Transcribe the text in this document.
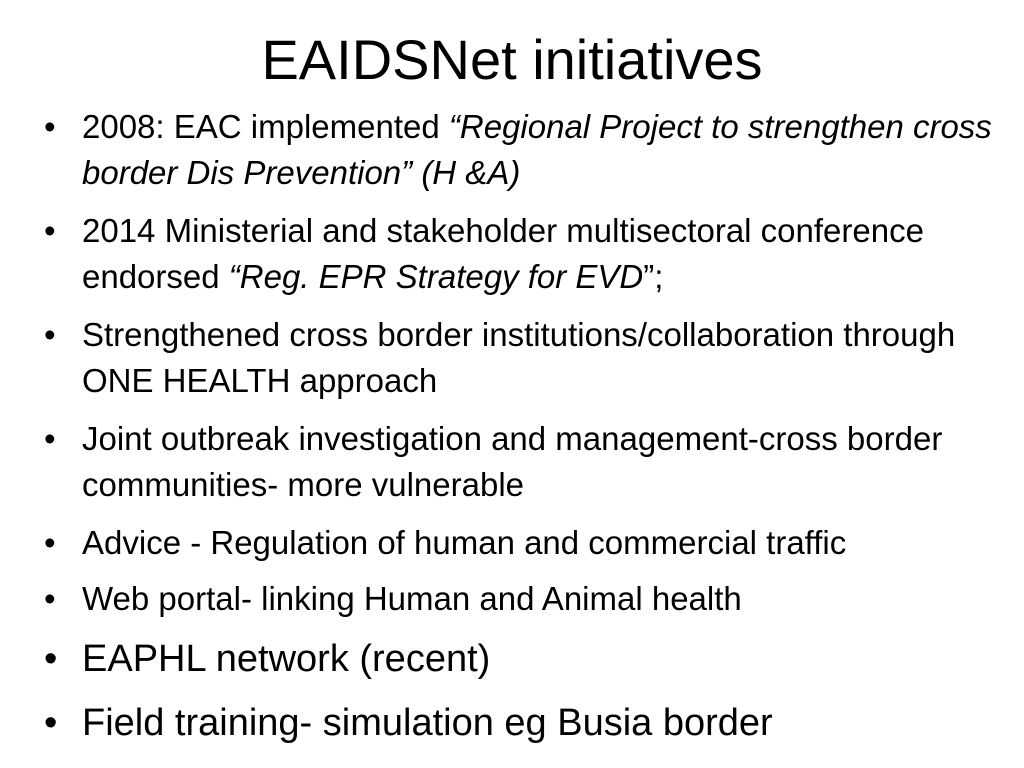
EAIDSNet initiatives
• 2008: EAC implemented “Regional Project to strengthen cross border Dis Prevention” (H &A)
• 2014 Ministerial and stakeholder multisectoral conference endorsed “Reg. EPR Strategy for EVD”;
• Strengthened cross border institutions/collaboration through ONE HEALTH approach
• Joint outbreak investigation and management-cross border communities- more vulnerable
• Advice - Regulation of human and commercial traffic
• Web portal- linking Human and Animal health
• EAPHL network (recent)
• Field training- simulation eg Busia border
